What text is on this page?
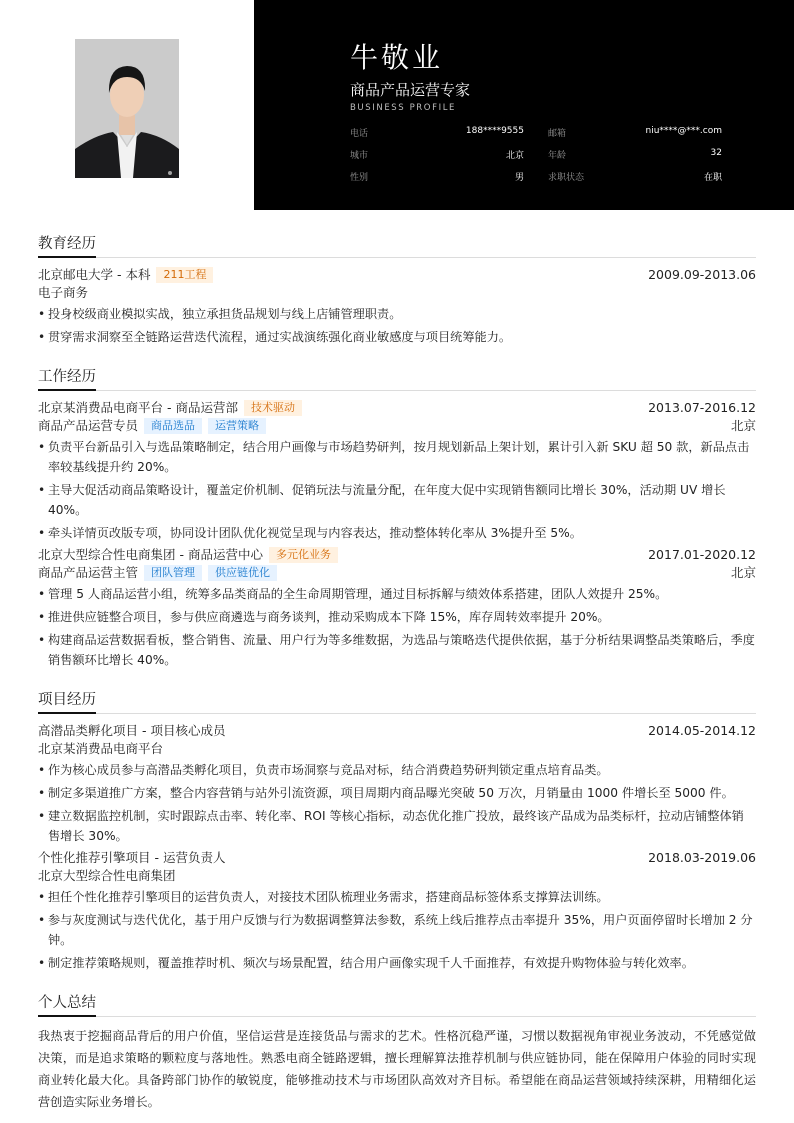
牛敬业
商品产品运营专家
BUSINESS PROFILE
电话	188****9555	邮箱	niu****@***.com
城市	北京	年龄	32
性别	男	求职状态	在职
教育经历
北京邮电大学 - 本科	211工程	2009.09-2013.06
电子商务
• 投身校级商业模拟实战，独立承担货品规划与线上店铺管理职责。
• 贯穿需求洞察至全链路运营迭代流程，通过实战演练强化商业敏感度与项目统筹能力。
工作经历
北京某消费品电商平台 - 商品运营部	技术驱动	2013.07-2016.12
商品产品运营专员	商品选品	运营策略	北京
• 负责平台新品引入与选品策略制定，结合用户画像与市场趋势研判，按月规划新品上架计划，累计引入新 SKU 超 50 款，新品点击率较基线提升约 20%。
• 主导大促活动商品策略设计，覆盖定价机制、促销玩法与流量分配，在年度大促中实现销售额同比增长 30%，活动期 UV 增长 40%。
• 牵头详情页改版专项，协同设计团队优化视觉呈现与内容表达，推动整体转化率从 3%提升至 5%。
北京大型综合性电商集团 - 商品运营中心	多元化业务	2017.01-2020.12
商品产品运营主管	团队管理	供应链优化	北京
• 管理 5 人商品运营小组，统筹多品类商品的全生命周期管理，通过目标拆解与绩效体系搭建，团队人效提升 25%。
• 推进供应链整合项目，参与供应商遴选与商务谈判，推动采购成本下降 15%，库存周转效率提升 20%。
• 构建商品运营数据看板，整合销售、流量、用户行为等多维数据，为选品与策略迭代提供依据，基于分析结果调整品类策略后，季度销售额环比增长 40%。
项目经历
高潜品类孵化项目 - 项目核心成员	2014.05-2014.12
北京某消费品电商平台
• 作为核心成员参与高潜品类孵化项目，负责市场洞察与竞品对标，结合消费趋势研判锁定重点培育品类。
• 制定多渠道推广方案，整合内容营销与站外引流资源，项目周期内商品曝光突破 50 万次，月销量由 1000 件增长至 5000 件。
• 建立数据监控机制，实时跟踪点击率、转化率、ROI 等核心指标，动态优化推广投放，最终该产品成为品类标杆，拉动店铺整体销售增长 30%。
个性化推荐引擎项目 - 运营负责人	2018.03-2019.06
北京大型综合性电商集团
• 担任个性化推荐引擎项目的运营负责人，对接技术团队梳理业务需求，搭建商品标签体系支撑算法训练。
• 参与灰度测试与迭代优化，基于用户反馈与行为数据调整算法参数，系统上线后推荐点击率提升 35%，用户页面停留时长增加 2 分钟。
• 制定推荐策略规则，覆盖推荐时机、频次与场景配置，结合用户画像实现千人千面推荐，有效提升购物体验与转化效率。
个人总结

我热衷于挖掘商品背后的用户价值，坚信运营是连接货品与需求的艺术。性格沉稳严谨，习惯以数据视角审视业务波动，不凭感觉做决策，而是追求策略的颗粒度与落地性。熟悉电商全链路逻辑，擅长理解算法推荐机制与供应链协同，能在保障用户体验的同时实现商业转化最大化。具备跨部门协作的敏锐度，能够推动技术与市场团队高效对齐目标。希望能在商品运营领域持续深耕，用精细化运营创造实际业务增长。
